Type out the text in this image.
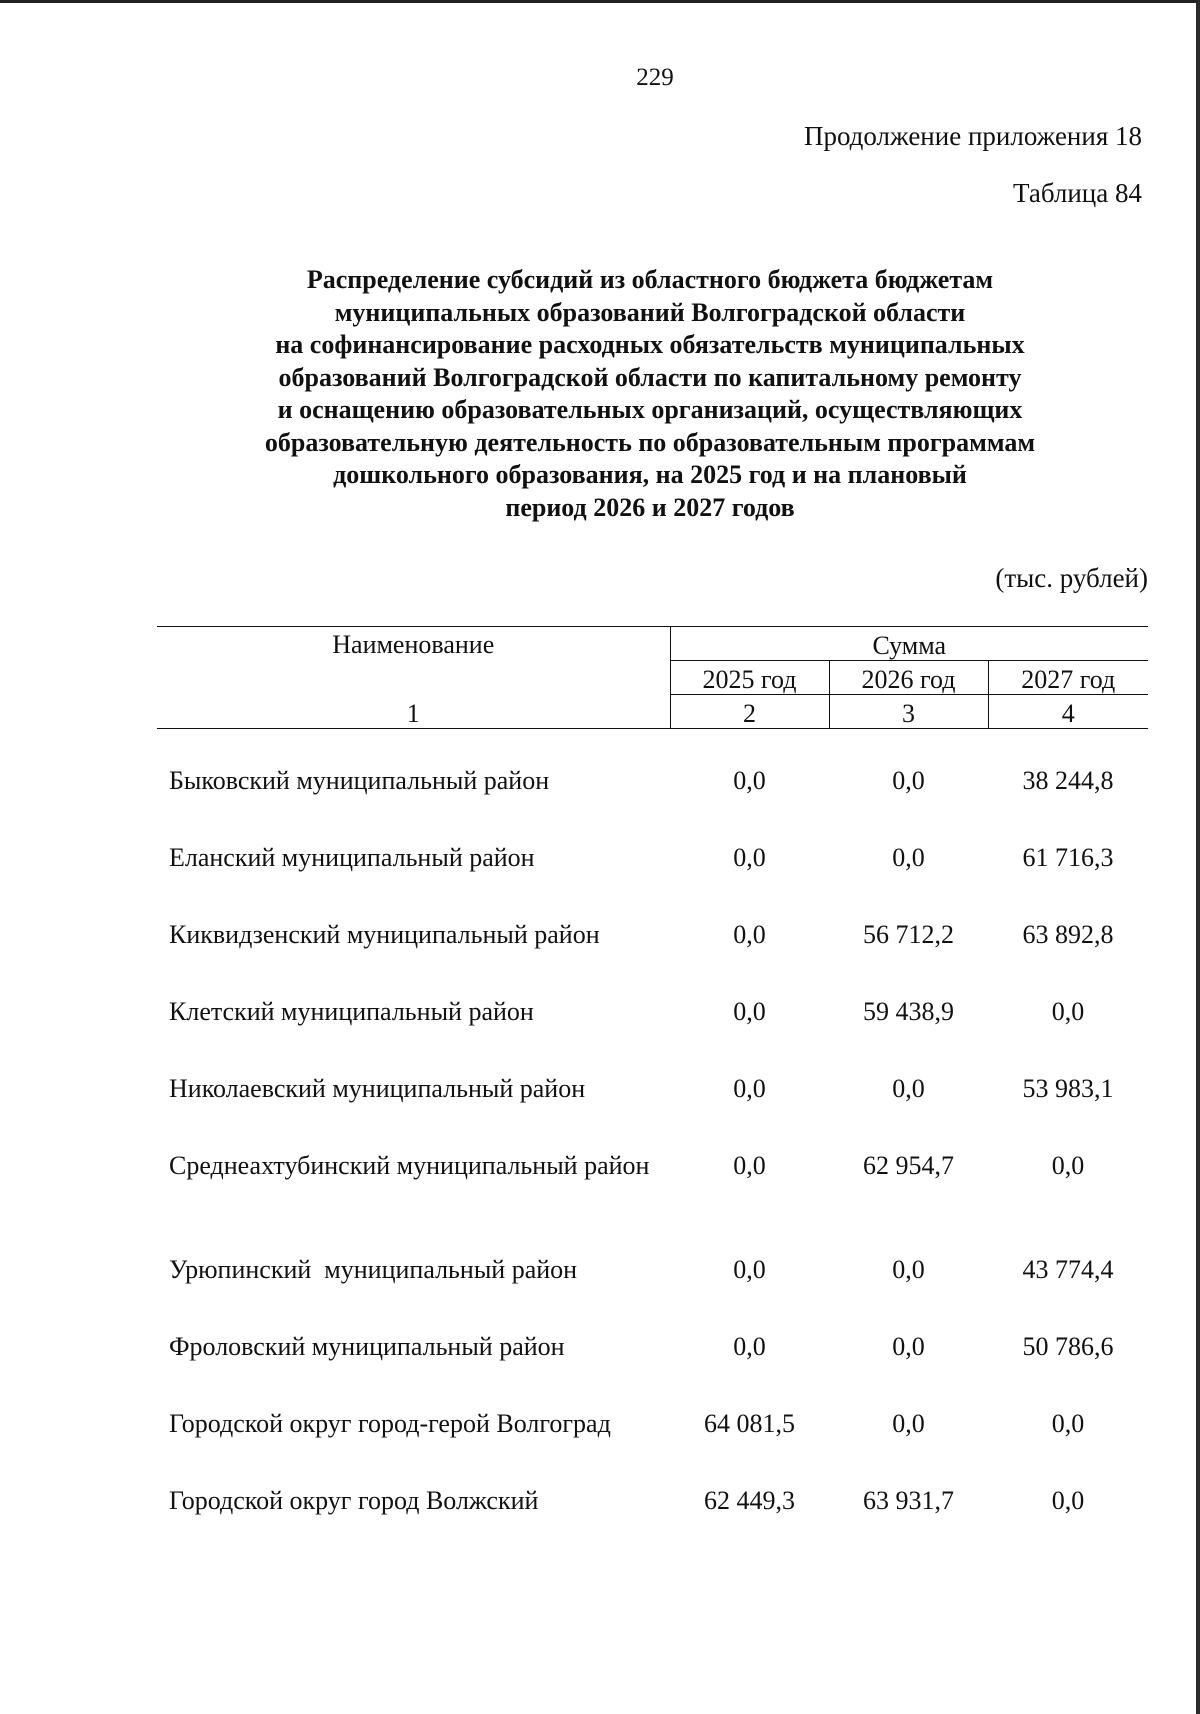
229
Продолжение приложения 18
Таблица 84
Распределение субсидий из областного бюджета бюджетам
муниципальных образований Волгоградской области
на софинансирование расходных обязательств муниципальных
образований Волгоградской области по капитальному ремонту
и оснащению образовательных организаций, осуществляющих
образовательную деятельность по образовательным программам
дошкольного образования, на 2025 год и на плановый
период 2026 и 2027 годов
(тыс. рублей)
Наименование	Сумма		
	2025 год	2026 год	2027 год
1	2	3	4

Быковский муниципальный район	0,0	0,0	38 244,8
Еланский муниципальный район	0,0	0,0	61 716,3
Киквидзенский муниципальный район	0,0	56 712,2	63 892,8
Клетский муниципальный район	0,0	59 438,9	0,0
Николаевский муниципальный район	0,0	0,0	53 983,1
Среднеахтубинский муниципальный район	0,0	62 954,7	0,0
Урюпинский  муниципальный район	0,0	0,0	43 774,4
Фроловский муниципальный район	0,0	0,0	50 786,6
Городской округ город-герой Волгоград	64 081,5	0,0	0,0
Городской округ город Волжский	62 449,3	63 931,7	0,0
